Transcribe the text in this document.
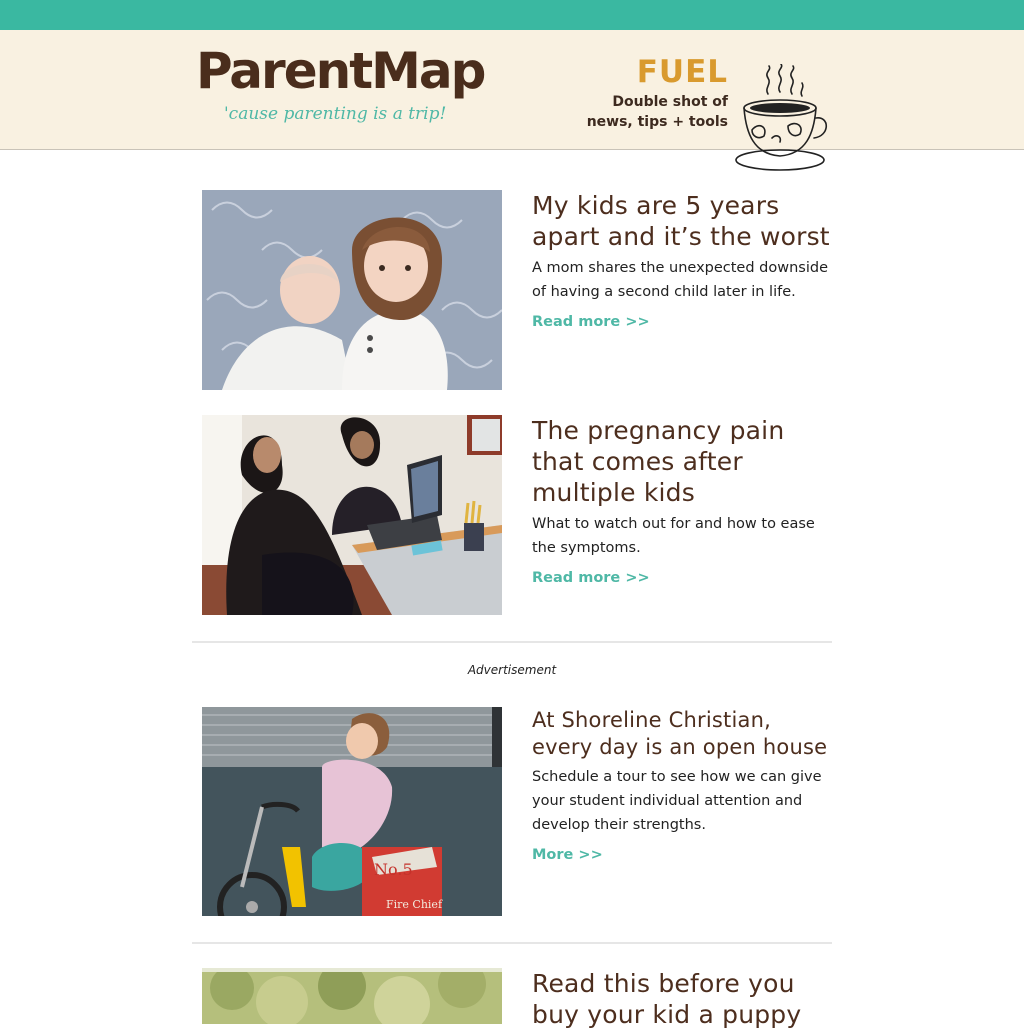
ParentMap
'cause parenting is a trip!
FUEL
Double shot of
news, tips + tools
My kids are 5 years apart and it’s the worst

A mom shares the unexpected downside of having a second child later in life.

Read more >>
The pregnancy pain that comes after multiple kids

What to watch out for and how to ease the symptoms.

Read more >>
Advertisement
No.5
Fire Chief
At Shoreline Christian, every day is an open house

Schedule a tour to see how we can give your student individual attention and develop their strengths.

More >>
Read this before you buy your kid a puppy
